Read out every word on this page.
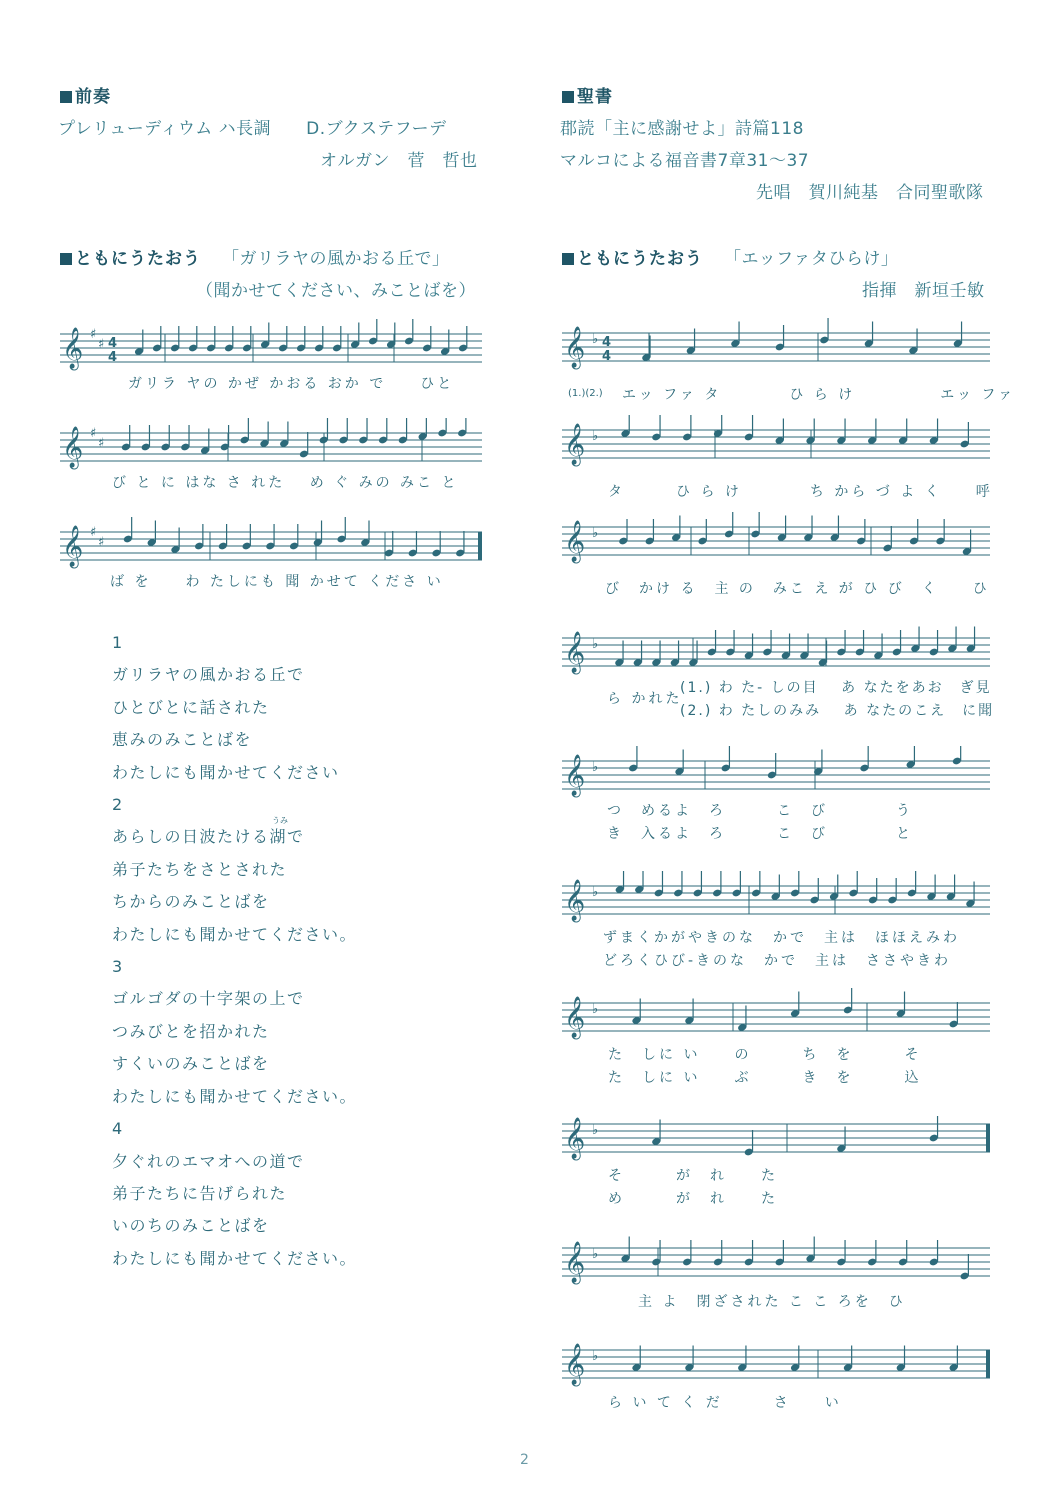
前奏
プレリューディウム ハ長調　　D.ブクステフーデ
オルガン　菅　哲也
ともにうたおう 「ガリラヤの風かおる丘で」
（聞かせてください、みことばを）
𝄞 ♯
♯ 4
4
𝄞 ♯
♯
𝄞 ♯
♯
1
ガリラヤの風かおる丘で
ひとびとに話された
恵みのみことばを
わたしにも聞かせてください
2
あらしの日波たける湖で
弟子たちをさとされた
ちからのみことばを
わたしにも聞かせてください。
3
ゴルゴダの十字架の上で
つみびとを招かれた
すくいのみことばを
わたしにも聞かせてください。
4
夕ぐれのエマオへの道で
弟子たちに告げられた
いのちのみことばを
わたしにも聞かせてください。
うみ
聖書
郡読「主に感謝せよ」詩篇118
マルコによる福音書7章31～37
先唱　賀川純基　合同聖歌隊
ともにうたおう 「エッファタひらけ」
指揮　新垣壬敏
𝄞 ♭ 4
4
𝄞 ♭
𝄞 ♭
𝄞 ♭
𝄞 ♭
𝄞 ♭
𝄞 ♭
𝄞 ♭
𝄞 ♭
𝄞 ♭
ガリラ ヤの かぜ かおる おか で　　ひと
び と に はな さ れた　 め ぐ みの みこ と
ば を　　わ たしにも 聞 かせて くださ い
(1.)(2.) エッ ファ タ　　　　ひ ら け　　　　　エッ ファ
タ　　　ひ ら け　　　　ち から づ よ く　　呼
び　かけ る　主 の　みこ え が ひ び　く　　ひ
ら かれた
(1.) わ た- しの目　 あ なたをあお　ぎ見
(2.) わ たしのみみ　 あ なたのこえ　に聞
つ　めるよ　ろ　　　こ　び　　　　う
き　入るよ　ろ　　　こ　び　　　　と
ずまくかがやきのな　かで　主は　ほほえみわ
どろくひび-きのな　かで　主は　ささやきわ
た　しに い　　の　　　ち　を　　　そ
た　しに い　　ぶ　　　き　を　　　込
そ　　　が　れ　　た
め　　　が　れ　　た
主 よ　閉ざされた こ こ ろを　ひ
ら い て く だ　　　さ　　い
2
